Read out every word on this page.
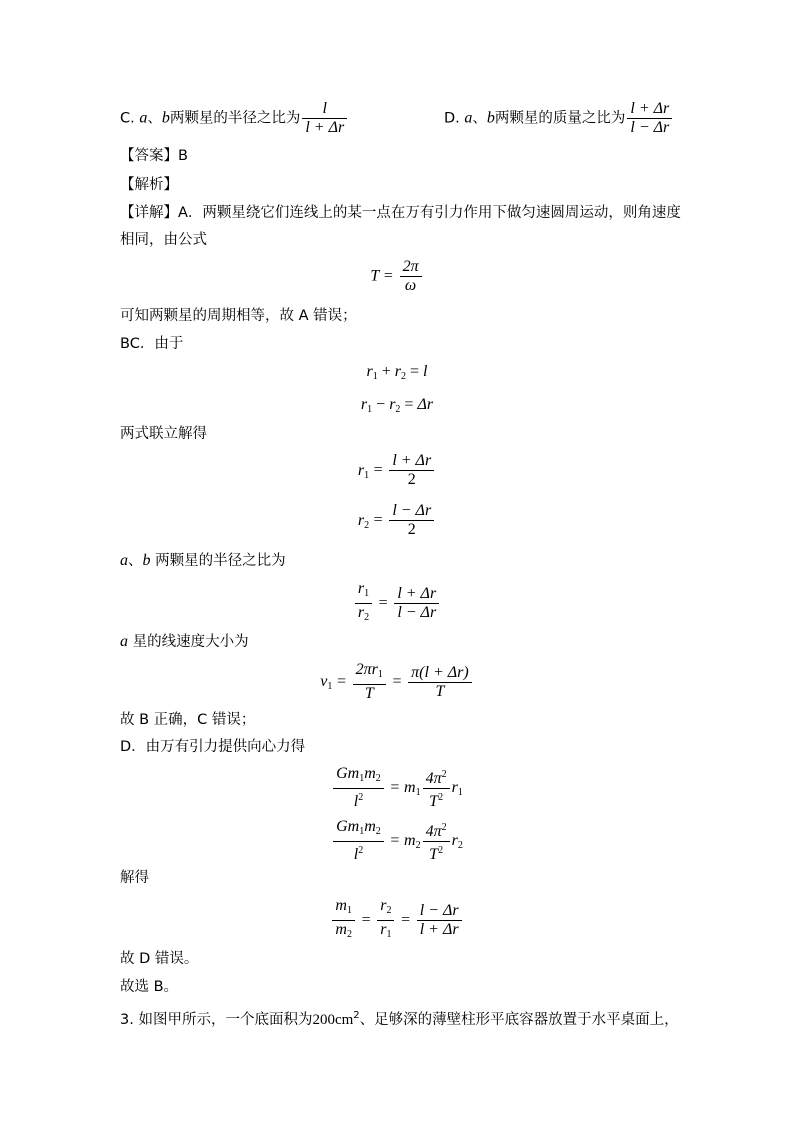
C. a、b两颗星的半径之比为 $\frac{l}{l + \Delta r}$	D. a、b两颗星的质量之比为 $\frac{l + \Delta r}{l - \Delta r}$
【答案】B
【解析】
【详解】A．两颗星绕它们连线上的某一点在万有引力作用下做匀速圆周运动，则角速度
相同，由公式
$T = \frac{2\pi}{\omega}$
可知两颗星的周期相等，故 A 错误；
BC．由于
$r_1 + r_2 = l$
$r_1 - r_2 = \Delta r$
两式联立解得
$r_1 = \frac{l + \Delta r}{2}$
$r_2 = \frac{l - \Delta r}{2}$
a、b 两颗星的半径之比为
$\frac{r_1}{r_2} = \frac{l + \Delta r}{l - \Delta r}$
a 星的线速度大小为
$v_1 = \frac{2\pi r_1}{T} = \frac{\pi(l + \Delta r)}{T}$
故 B 正确，C 错误；
D．由万有引力提供向心力得
$\frac{Gm_1m_2}{l^2} = m_1 \frac{4\pi^2}{T^2} r_1$
$\frac{Gm_1m_2}{l^2} = m_2 \frac{4\pi^2}{T^2} r_2$
解得
$\frac{m_1}{m_2} = \frac{r_2}{r_1} = \frac{l - \Delta r}{l + \Delta r}$
故 D 错误。
故选 B。
3. 如图甲所示，一个底面积为$200cm^2$、足够深的薄壁柱形平底容器放置于水平桌面上，
